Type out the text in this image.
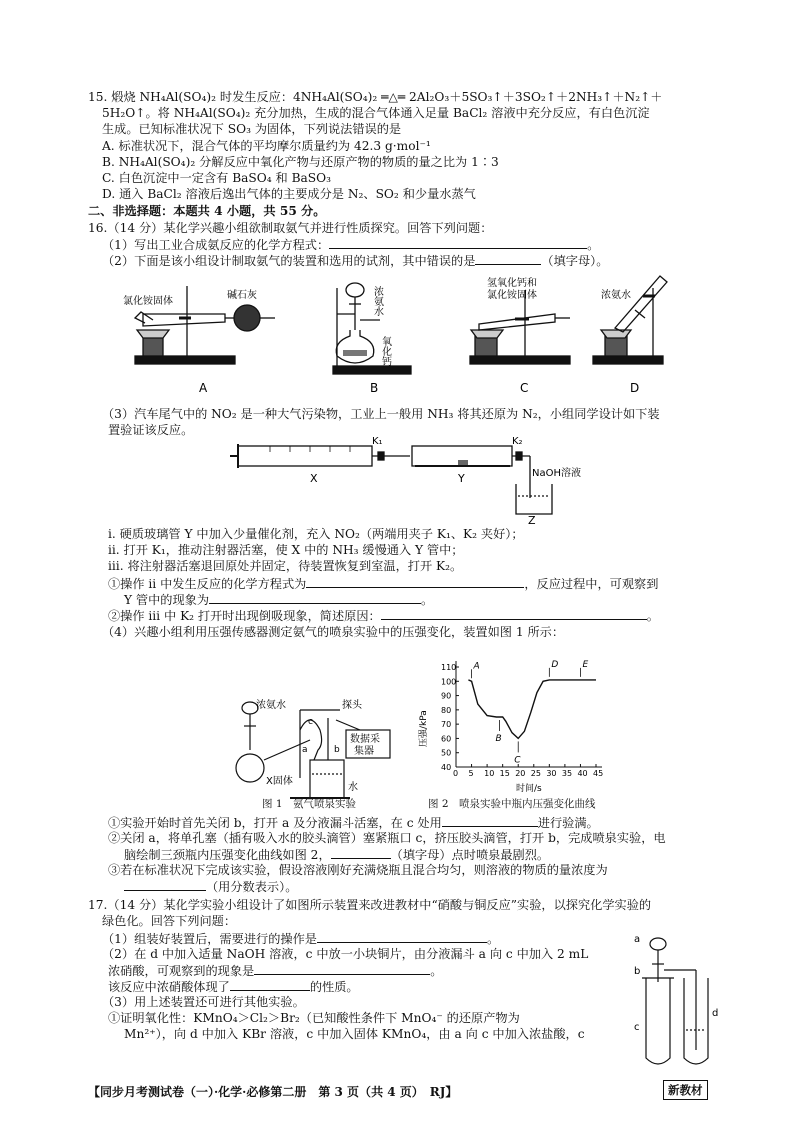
15. 煅烧 NH₄Al(SO₄)₂ 时发生反应：4NH₄Al(SO₄)₂ ═△═ 2Al₂O₃＋5SO₃↑＋3SO₂↑＋2NH₃↑＋N₂↑＋
5H₂O↑。将 NH₄Al(SO₄)₂ 充分加热，生成的混合气体通入足量 BaCl₂ 溶液中充分反应，有白色沉淀
生成。已知标准状况下 SO₃ 为固体，下列说法错误的是
A. 标准状况下，混合气体的平均摩尔质量约为 42.3 g·mol⁻¹
B. NH₄Al(SO₄)₂ 分解反应中氧化产物与还原产物的物质的量之比为 1∶3
C. 白色沉淀中一定含有 BaSO₄ 和 BaSO₃
D. 通入 BaCl₂ 溶液后逸出气体的主要成分是 N₂、SO₂ 和少量水蒸气
二、非选择题：本题共 4 小题，共 55 分。
16.（14 分）某化学兴趣小组欲制取氨气并进行性质探究。回答下列问题：
（1）写出工业合成氨反应的化学方程式：	。
（2）下面是该小组设计制取氨气的装置和选用的试剂，其中错误的是	（填字母）。
氯化铵固体
碱石灰
A
浓氨水
氧化钙
B
氢氧化钙和
氯化铵固体
C
浓氨水
D
（3）汽车尾气中的 NO₂ 是一种大气污染物，工业上一般用 NH₃ 将其还原为 N₂，小组同学设计如下装
置验证该反应。
X	Y
Z
K₁	K₂
NaOH溶液
ⅰ. 硬质玻璃管 Y 中加入少量催化剂，充入 NO₂（两端用夹子 K₁、K₂ 夹好）；
ⅱ. 打开 K₁，推动注射器活塞，使 X 中的 NH₃ 缓慢通入 Y 管中；
ⅲ. 将注射器活塞退回原处并固定，待装置恢复到室温，打开 K₂。
①操作 ⅱ 中发生反应的化学方程式为	，反应过程中，可观察到
Y 管中的现象为	。
②操作 ⅲ 中 K₂ 打开时出现倒吸现象，简述原因：	。
（4）兴趣小组利用压强传感器测定氨气的喷泉实验中的压强变化，装置如图 1 所示：
浓氨水	探头
数据采
集器
X固体
水
a	b
c
图 1　氨气喷泉实验
0 5 10 15 20 25 30 35 40 45
40
50
60
70
80
90
100
110 A
B
C
D	E
压强/kPa
时间/s
图 2　喷泉实验中瓶内压强变化曲线
①实验开始时首先关闭 b，打开 a 及分液漏斗活塞，在 c 处用	进行验满。
②关闭 a，将单孔塞（插有吸入水的胶头滴管）塞紧瓶口 c，挤压胶头滴管，打开 b，完成喷泉实验，电
脑绘制三颈瓶内压强变化曲线如图 2，	（填字母）点时喷泉最剧烈。
③若在标准状况下完成该实验，假设溶液刚好充满烧瓶且混合均匀，则溶液的物质的量浓度为
（用分数表示）。
17.（14 分）某化学实验小组设计了如图所示装置来改进教材中“硝酸与铜反应”实验，以探究化学实验的
绿色化。回答下列问题：
（1）组装好装置后，需要进行的操作是	。
（2）在 d 中加入适量 NaOH 溶液，c 中放一小块铜片，由分液漏斗 a 向 c 中加入 2 mL
浓硝酸，可观察到的现象是	。
该反应中浓硝酸体现了	的性质。
（3）用上述装置还可进行其他实验。
①证明氧化性：KMnO₄＞Cl₂＞Br₂（已知酸性条件下 MnO₄⁻ 的还原产物为
Mn²⁺），向 d 中加入 KBr 溶液，c 中加入固体 KMnO₄，由 a 向 c 中加入浓盐酸，c
a
b
c
d
【同步月考测试卷（一）·化学·必修第二册　第 3 页（共 4 页）　RJ】	新教材
